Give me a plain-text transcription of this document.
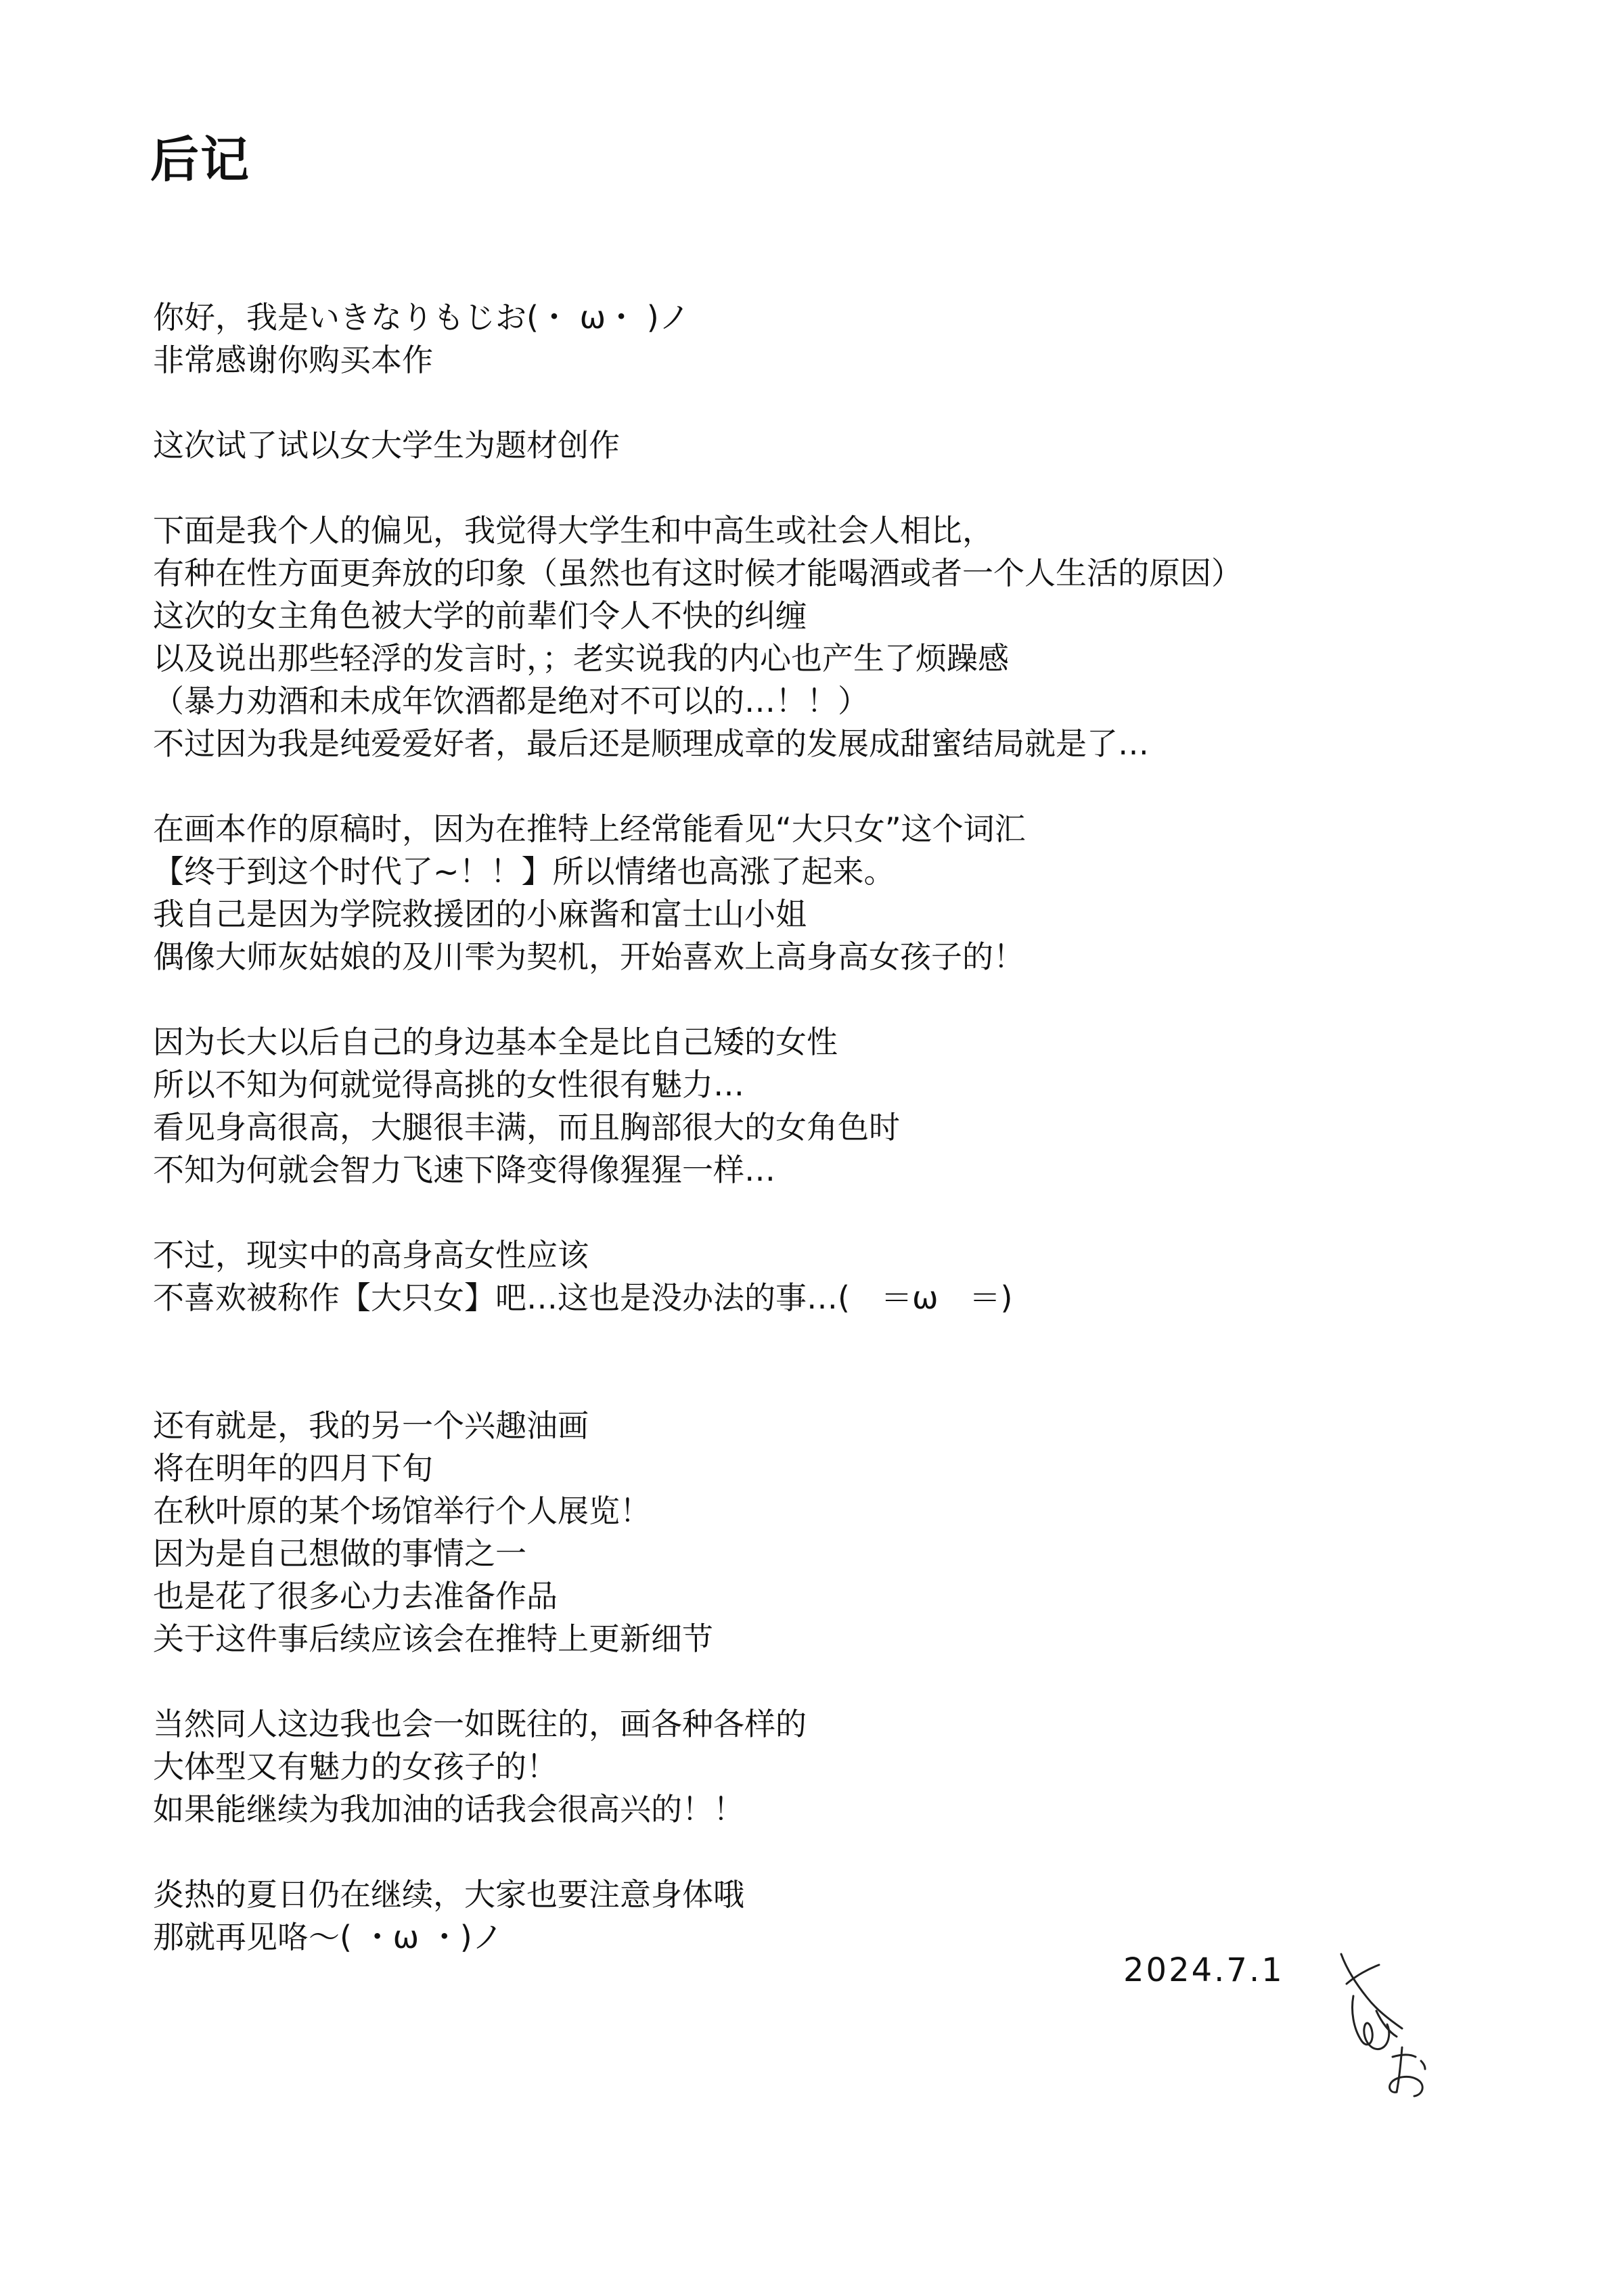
后记
你好，我是いきなりもじお(・ ω・ )ノ
非常感谢你购买本作
这次试了试以女大学生为题材创作
下面是我个人的偏见，我觉得大学生和中高生或社会人相比，
有种在性方面更奔放的印象（虽然也有这时候才能喝酒或者一个人生活的原因）
这次的女主角色被大学的前辈们令人不快的纠缠
以及说出那些轻浮的发言时，；老实说我的内心也产生了烦躁感
（暴力劝酒和未成年饮酒都是绝对不可以的…！！）
不过因为我是纯爱爱好者，最后还是顺理成章的发展成甜蜜结局就是了…
在画本作的原稿时，因为在推特上经常能看见“大只女”这个词汇
【终于到这个时代了~！！】所以情绪也高涨了起来。
我自己是因为学院救援团的小麻酱和富士山小姐
偶像大师灰姑娘的及川雫为契机，开始喜欢上高身高女孩子的！
因为长大以后自己的身边基本全是比自己矮的女性
所以不知为何就觉得高挑的女性很有魅力…
看见身高很高，大腿很丰满，而且胸部很大的女角色时
不知为何就会智力飞速下降变得像猩猩一样…
不过，现实中的高身高女性应该
不喜欢被称作【大只女】吧…这也是没办法的事…(　＝ω　＝)
还有就是，我的另一个兴趣油画
将在明年的四月下旬
在秋叶原的某个场馆举行个人展览！
因为是自己想做的事情之一
也是花了很多心力去准备作品
关于这件事后续应该会在推特上更新细节
当然同人这边我也会一如既往的，画各种各样的
大体型又有魅力的女孩子的！
如果能继续为我加油的话我会很高兴的！！
炎热的夏日仍在继续，大家也要注意身体哦
那就再见咯～( ・ω ・)ノ
2024.7.1
